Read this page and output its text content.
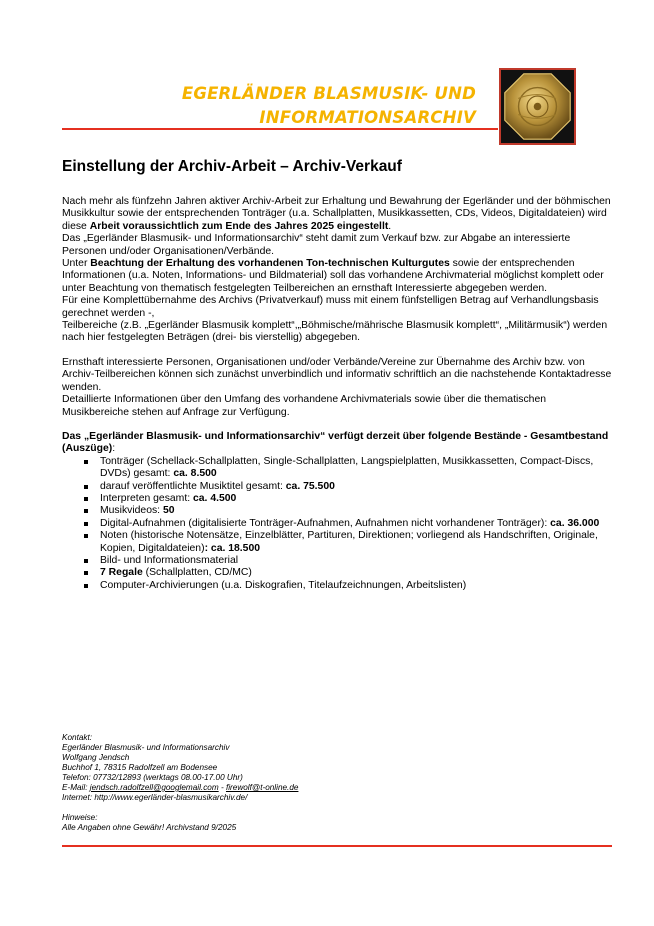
EGERLÄNDER BLASMUSIK- UND
INFORMATIONSARCHIV
Einstellung der Archiv-Arbeit – Archiv-Verkauf

Nach mehr als fünfzehn Jahren aktiver Archiv-Arbeit zur Erhaltung und Bewahrung der Egerländer und der böhmischen Musikkultur sowie der entsprechenden Tonträger (u.a. Schallplatten, Musikkassetten, CDs, Videos, Digitaldateien) wird diese Arbeit voraussichtlich zum Ende des Jahres 2025 eingestellt.

Das „Egerländer Blasmusik- und Informationsarchiv“ steht damit zum Verkauf bzw. zur Abgabe an interessierte Personen und/oder Organisationen/Verbände.

Unter Beachtung der Erhaltung des vorhandenen Ton-technischen Kulturgutes sowie der entsprechenden Informationen (u.a. Noten, Informations- und Bildmaterial) soll das vorhandene Archivmaterial möglichst komplett oder unter Beachtung von thematisch festgelegten Teilbereichen an ernsthaft Interessierte abgegeben werden.

Für eine Komplettübernahme des Archivs (Privatverkauf) muss mit einem fünfstelligen Betrag auf Verhandlungsbasis gerechnet werden -,

Teilbereiche (z.B. „Egerländer Blasmusik komplett“,„Böhmische/mährische Blasmusik komplett“, „Militärmusik“) werden nach hier festgelegten Beträgen (drei- bis vierstellig) abgegeben.

Ernsthaft interessierte Personen, Organisationen und/oder Verbände/Vereine zur Übernahme des Archiv bzw. von Archiv-Teilbereichen können sich zunächst unverbindlich und informativ schriftlich an die nachstehende Kontaktadresse wenden.

Detaillierte Informationen über den Umfang des vorhandene Archivmaterials sowie über die thematischen Musikbereiche stehen auf Anfrage zur Verfügung.

Das „Egerländer Blasmusik- und Informationsarchiv“ verfügt derzeit über folgende Bestände - Gesamtbestand (Auszüge):

Tonträger (Schellack-Schallplatten, Single-Schallplatten, Langspielplatten, Musikkassetten, Compact-Discs, DVDs) gesamt: ca. 8.500
darauf veröffentlichte Musiktitel gesamt: ca. 75.500
Interpreten gesamt: ca. 4.500
Musikvideos: 50
Digital-Aufnahmen (digitalisierte Tonträger-Aufnahmen, Aufnahmen nicht vorhandener Tonträger): ca. 36.000
Noten (historische Notensätze, Einzelblätter, Partituren, Direktionen; vorliegend als Handschriften, Originale, Kopien, Digitaldateien): ca. 18.500
Bild- und Informationsmaterial
7 Regale (Schallplatten, CD/MC)
Computer-Archivierungen (u.a. Diskografien, Titelaufzeichnungen, Arbeitslisten)
Kontakt:
Egerländer Blasmusik- und Informationsarchiv
Wolfgang Jendsch
Buchhof 1, 78315 Radolfzell am Bodensee
Telefon: 07732/12893 (werktags 08.00-17.00 Uhr)
E-Mail: jendsch.radolfzell@googlemail.com - firewolf@t-online.de
Internet: http://www.egerländer-blasmusikarchiv.de/
Hinweise:
Alle Angaben ohne Gewähr! Archivstand 9/2025
